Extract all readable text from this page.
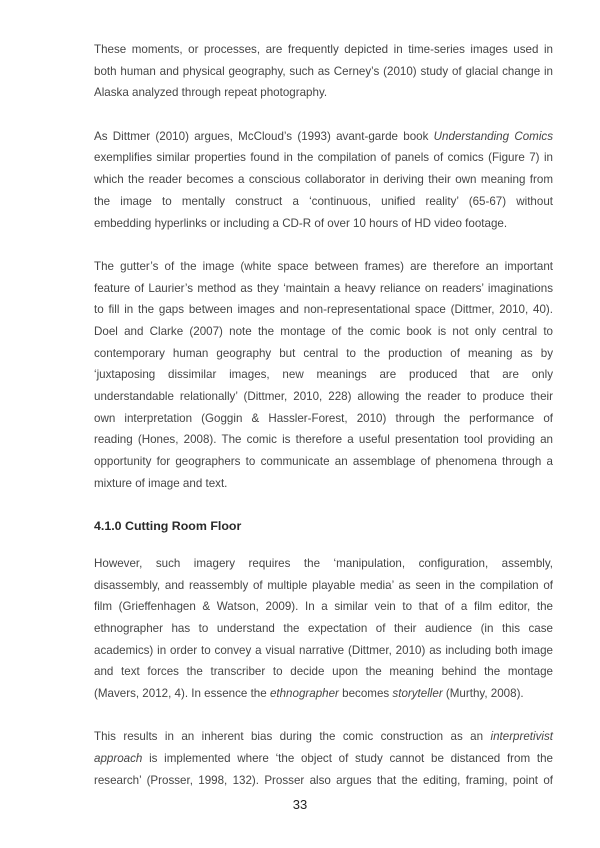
These moments, or processes, are frequently depicted in time-series images used in
both human and physical geography, such as Cerney’s (2010) study of glacial change in
Alaska analyzed through repeat photography.

As Dittmer (2010) argues, McCloud’s (1993) avant-garde book Understanding Comics
exemplifies similar properties found in the compilation of panels of comics (Figure 7) in
which the reader becomes a conscious collaborator in deriving their own meaning from
the image to mentally construct a ‘continuous, unified reality’ (65-67) without
embedding hyperlinks or including a CD-R of over 10 hours of HD video footage.

The gutter’s of the image (white space between frames) are therefore an important
feature of Laurier’s method as they ‘maintain a heavy reliance on readers’ imaginations
to fill in the gaps between images and non-representational space (Dittmer, 2010, 40).
Doel and Clarke (2007) note the montage of the comic book is not only central to
contemporary human geography but central to the production of meaning as by
‘juxtaposing dissimilar images, new meanings are produced that are only
understandable relationally’ (Dittmer, 2010, 228) allowing the reader to produce their
own interpretation (Goggin & Hassler-Forest, 2010) through the performance of
reading (Hones, 2008). The comic is therefore a useful presentation tool providing an
opportunity for geographers to communicate an assemblage of phenomena through a
mixture of image and text.

4.1.0 Cutting Room Floor

However, such imagery requires the ‘manipulation, configuration, assembly,
disassembly, and reassembly of multiple playable media’ as seen in the compilation of
film (Grieffenhagen & Watson, 2009). In a similar vein to that of a film editor, the
ethnographer has to understand the expectation of their audience (in this case
academics) in order to convey a visual narrative (Dittmer, 2010) as including both image
and text forces the transcriber to decide upon the meaning behind the montage
(Mavers, 2012, 4). In essence the ethnographer becomes storyteller (Murthy, 2008).

This results in an inherent bias during the comic construction as an interpretivist
approach is implemented where ‘the object of study cannot be distanced from the
research’ (Prosser, 1998, 132). Prosser also argues that the editing, framing, point of

33
